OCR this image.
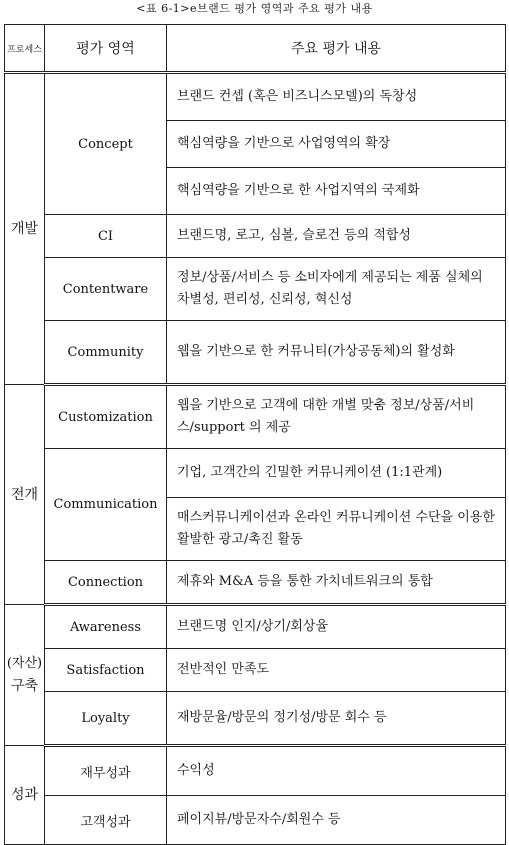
<표 6-1>e브랜드 평가 영역과 주요 평가 내용
프로세스	평가 영역	주요 평가 내용
개발	Concept	브랜드 컨셉 (혹은 비즈니스모델)의 독창성
		핵심역량을 기반으로 사업영역의 확장
		핵심역량을 기반으로 한 사업지역의 국제화
	CI	브랜드명, 로고, 심볼, 슬로건 등의 적합성
	Contentware	정보/상품/서비스 등 소비자에게 제공되는 제품 실체의 차별성, 편리성, 신뢰성, 혁신성
	Community	웹을 기반으로 한 커뮤니티(가상공동체)의 활성화
전개	Customization	웹을 기반으로 고객에 대한 개별 맞춤 정보/상품/서비스/support 의 제공
	Communication	기업, 고객간의 긴밀한 커뮤니케이션 (1:1관계)
		매스커뮤니케이션과 온라인 커뮤니케이션 수단을 이용한 활발한 광고/촉진 활동
	Connection	제휴와 M&A 등을 통한 가치네트워크의 통합

(자산)
구축	Awareness	브랜드명 인지/상기/회상율
	Satisfaction	전반적인 만족도
	Loyalty	재방문율/방문의 정기성/방문 회수 등
성과	재무성과	수익성
	고객성과	페이지뷰/방문자수/회원수 등
